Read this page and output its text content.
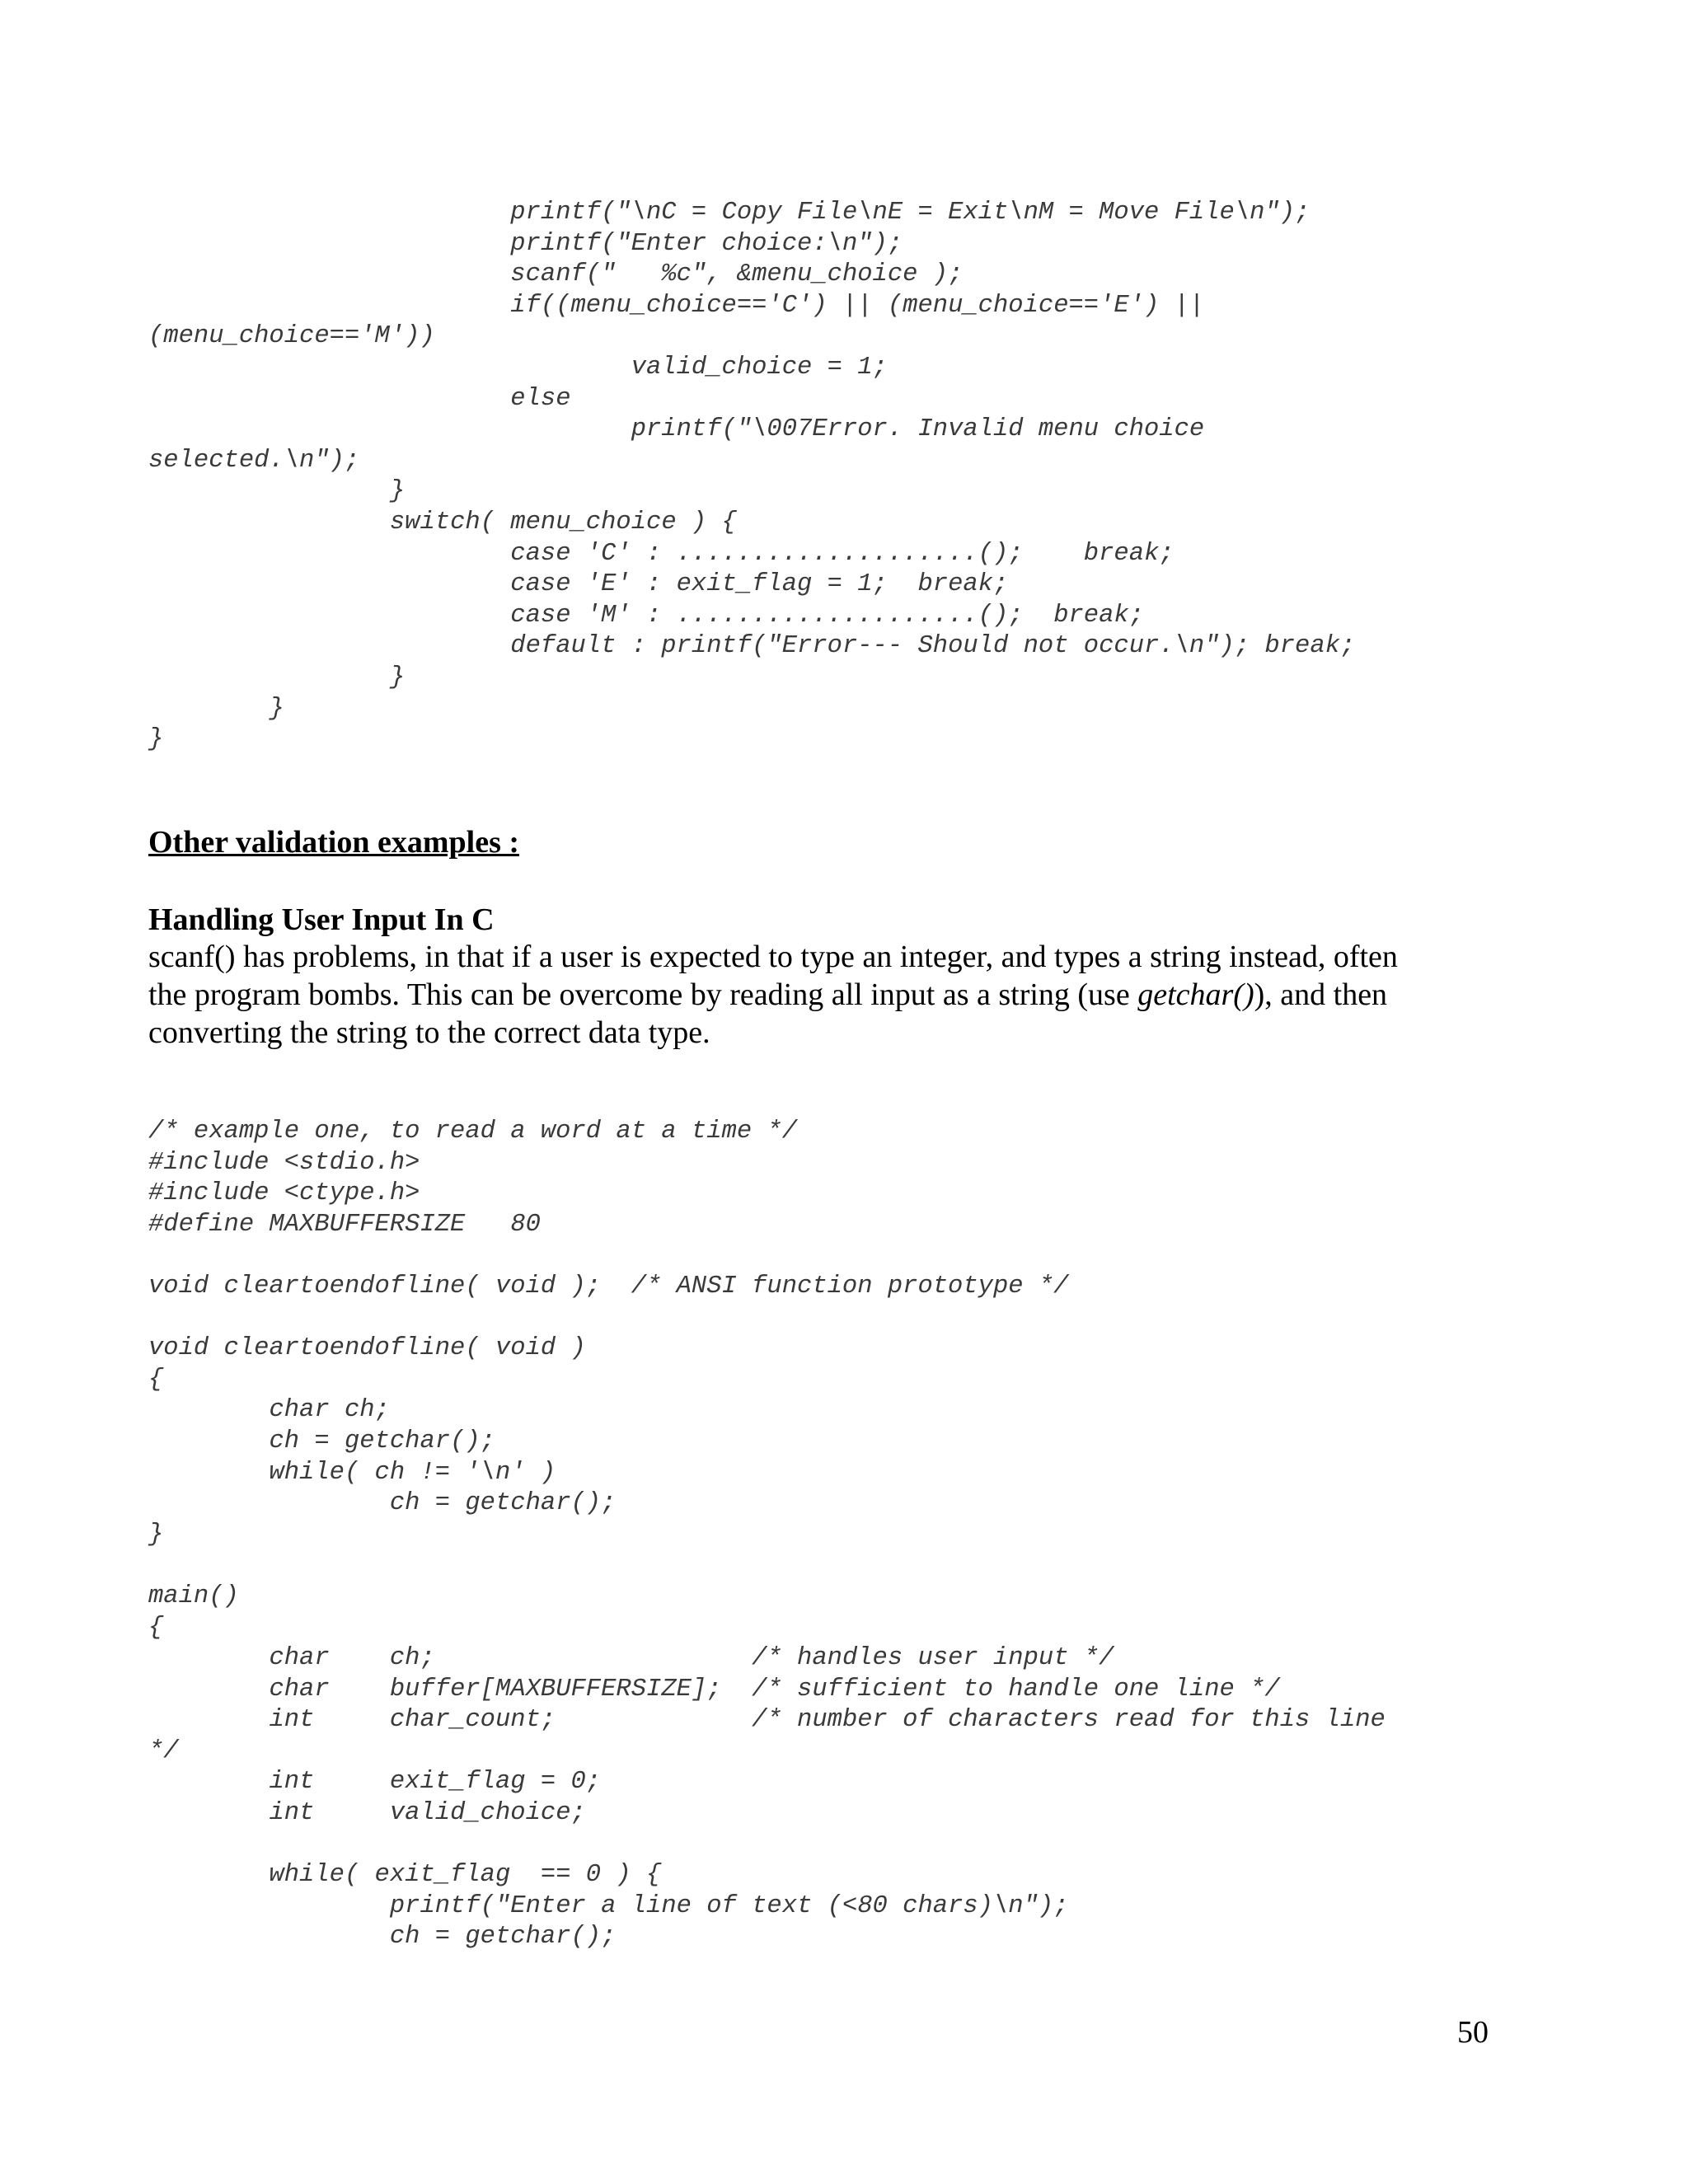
			printf("\nC = Copy File\nE = Exit\nM = Move File\n");
			printf("Enter choice:\n");
			scanf("   %c", &menu_choice );
			if((menu_choice=='C') || (menu_choice=='E') ||
(menu_choice=='M'))
				valid_choice = 1;
			else
				printf("\007Error. Invalid menu choice
selected.\n");
		}
		switch( menu_choice ) {
			case 'C' : ....................();    break;
			case 'E' : exit_flag = 1;  break;
			case 'M' : ....................();  break;
			default : printf("Error--- Should not occur.\n"); break;
		}
	}
}
Other validation examples :
Handling User Input In C
scanf() has problems, in that if a user is expected to type an integer, and types a string instead, often
the program bombs. This can be overcome by reading all input as a string (use getchar()), and then
converting the string to the correct data type.
/* example one, to read a word at a time */
#include <stdio.h>
#include <ctype.h>
#define MAXBUFFERSIZE   80
void cleartoendofline( void );  /* ANSI function prototype */
void cleartoendofline( void )
{
	char ch;
	ch = getchar();
	while( ch != '\n' )
		ch = getchar();
}
main()
{
	char    ch;                     /* handles user input */
	char    buffer[MAXBUFFERSIZE];  /* sufficient to handle one line */
	int     char_count;             /* number of characters read for this line
*/
	int     exit_flag = 0;
	int     valid_choice;
	while( exit_flag  == 0 ) {
		printf("Enter a line of text (<80 chars)\n");
		ch = getchar();
50
